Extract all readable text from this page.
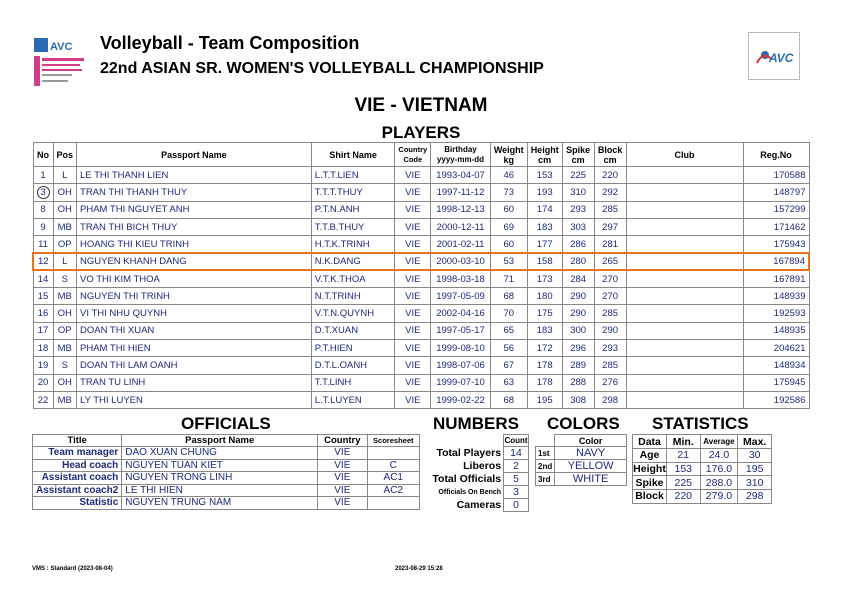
AVC
AVC
Volleyball - Team Composition
22nd ASIAN SR. WOMEN'S VOLLEYBALL CHAMPIONSHIP
VIE - VIETNAM
PLAYERS
No	Pos	Passport Name	Shirt Name	Country Code	Birthday yyyy-mm-dd	Weight kg	Height cm	Spike cm	Block cm	Club	Reg.No
1	L	LE THI THANH LIEN	L.T.T.LIEN	VIE	1993-04-07	46	153	225	220		170588
3	OH	TRAN THI THANH THUY	T.T.T.THUY	VIE	1997-11-12	73	193	310	292		148797
8	OH	PHAM THI NGUYET ANH	P.T.N.ANH	VIE	1998-12-13	60	174	293	285		157299
9	MB	TRAN THI BICH THUY	T.T.B.THUY	VIE	2000-12-11	69	183	303	297		171462
11	OP	HOANG THI KIEU TRINH	H.T.K.TRINH	VIE	2001-02-11	60	177	286	281		175943
12	L	NGUYEN KHANH DANG	N.K.DANG	VIE	2000-03-10	53	158	280	265		167894
14	S	VO THI KIM THOA	V.T.K.THOA	VIE	1998-03-18	71	173	284	270		167891
15	MB	NGUYEN THI TRINH	N.T.TRINH	VIE	1997-05-09	68	180	290	270		148939
16	OH	VI THI NHU QUYNH	V.T.N.QUYNH	VIE	2002-04-16	70	175	290	285		192593
17	OP	DOAN THI XUAN	D.T.XUAN	VIE	1997-05-17	65	183	300	290		148935
18	MB	PHAM THI HIEN	P.T.HIEN	VIE	1999-08-10	56	172	296	293		204621
19	S	DOAN THI LAM OANH	D.T.L.OANH	VIE	1998-07-06	67	178	289	285		148934
20	OH	TRAN TU LINH	T.T.LINH	VIE	1999-07-10	63	178	288	276		175945
22	MB	LY THI LUYEN	L.T.LUYEN	VIE	1999-02-22	68	195	308	298		192586
OFFICIALS	NUMBERS COLORS STATISTICS
Title	Passport Name	Country	Scoresheet
Team manager	DAO XUAN CHUNG	VIE	
Head coach	NGUYEN TUAN KIET	VIE	C
Assistant coach	NGUYEN TRONG LINH	VIE	AC1
Assistant coach2	LE THI HIEN	VIE	AC2
Statistic	NGUYEN TRUNG NAM	VIE	
	Count
Total Players	14
Liberos	2
Total Officials	5
Officials On Bench	3
Cameras	0
	Color
1st	NAVY
2nd	YELLOW
3rd	WHITE
Data	Min.	Average	Max.
Age	21	24.0	30
Height	153	176.0	195
Spike	225	288.0	310
Block	220	279.0	298
VMS : Standard (2023-08-04)	2023-08-29 15:28
